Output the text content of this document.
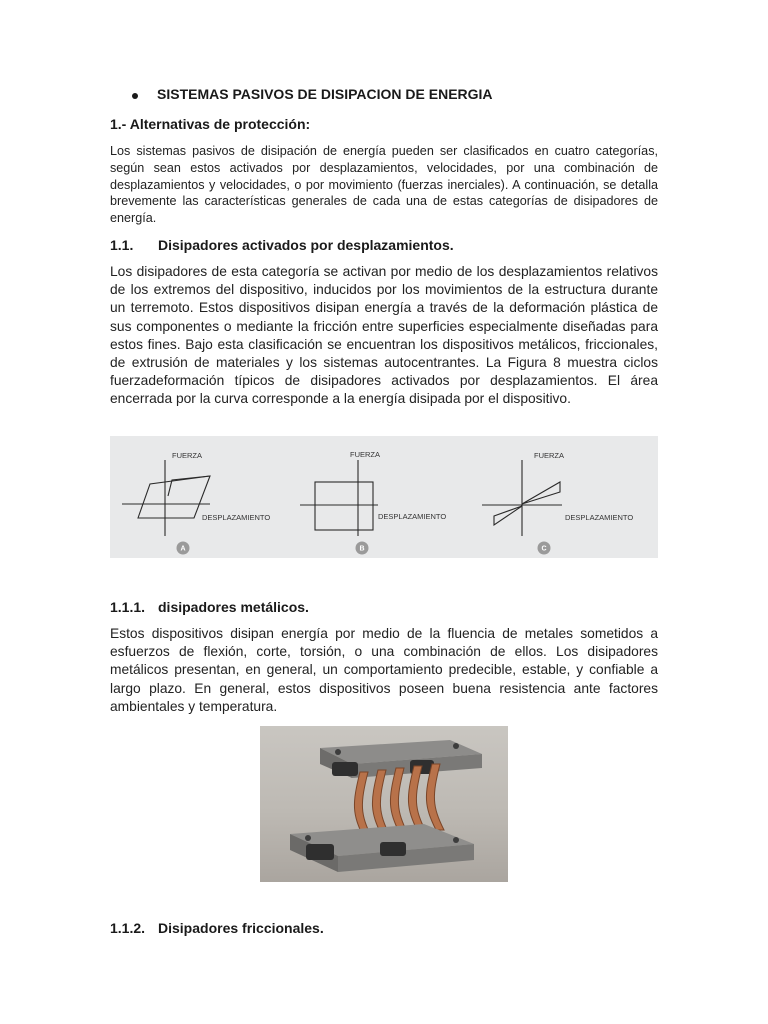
SISTEMAS PASIVOS DE DISIPACION DE ENERGIA
1.- Alternativas de protección:
Los sistemas pasivos de disipación de energía pueden ser clasificados en cuatro categorías, según sean estos activados por desplazamientos, velocidades, por una combinación de desplazamientos y velocidades, o por movimiento (fuerzas inerciales). A continuación, se detalla brevemente las características generales de cada una de estas categorías de disipadores de energía.
1.1.	Disipadores activados por desplazamientos.
Los disipadores de esta categoría se activan por medio de los desplazamientos relativos de los extremos del dispositivo, inducidos por los movimientos de la estructura durante un terremoto. Estos dispositivos disipan energía a través de la deformación plástica de sus componentes o mediante la fricción entre superficies especialmente diseñadas para estos fines. Bajo esta clasificación se encuentran los dispositivos metálicos, friccionales, de extrusión de materiales y los sistemas autocentrantes. La Figura 8 muestra ciclos fuerzadeformación típicos de disipadores activados por desplazamientos. El área encerrada por la curva corresponde a la energía disipada por el dispositivo.
FUERZA
DESPLAZAMIENTO
FUERZA
DESPLAZAMIENTO
FUERZA
DESPLAZAMIENTO
A	B	C
1.1.1. disipadores metálicos.
Estos dispositivos disipan energía por medio de la fluencia de metales sometidos a esfuerzos de flexión, corte, torsión, o una combinación de ellos. Los disipadores metálicos presentan, en general, un comportamiento predecible, estable, y confiable a largo plazo. En general, estos dispositivos poseen buena resistencia ante factores ambientales y temperatura.
1.1.2. Disipadores friccionales.
